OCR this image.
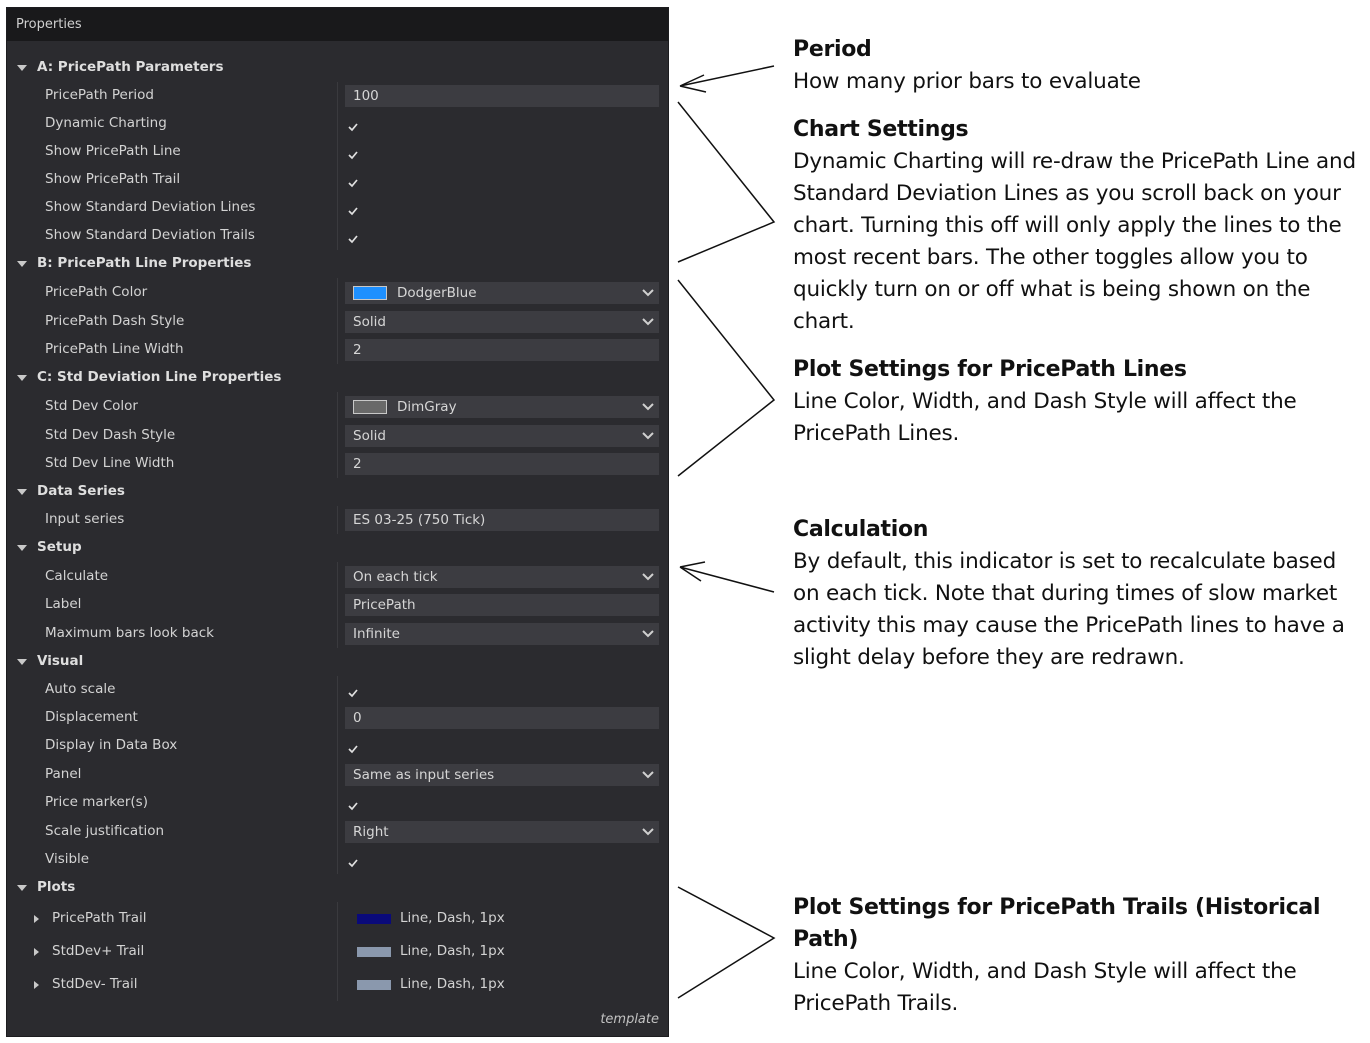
Properties
A: PricePath Parameters
PricePath Period	100
Dynamic Charting
Show PricePath Line
Show PricePath Trail
Show Standard Deviation Lines
Show Standard Deviation Trails
B: PricePath Line Properties
PricePath Color	DodgerBlue
PricePath Dash Style	Solid
PricePath Line Width	2
C: Std Deviation Line Properties
Std Dev Color	DimGray
Std Dev Dash Style	Solid
Std Dev Line Width	2
Data Series
Input series	ES 03-25 (750 Tick)
Setup
Calculate	On each tick
Label	PricePath
Maximum bars look back	Infinite
Visual
Auto scale
Displacement	0
Display in Data Box
Panel	Same as input series
Price marker(s)
Scale justification	Right
Visible
Plots
PricePath Trail	Line, Dash, 1px
StdDev+ Trail	Line, Dash, 1px
StdDev- Trail	Line, Dash, 1px
template
Period
How many prior bars to evaluate
Chart Settings
Dynamic Charting will re-draw the PricePath Line and Standard Deviation Lines as you scroll back on your chart. Turning this off will only apply the lines to the most recent bars. The other toggles allow you to quickly turn on or off what is being shown on the chart.
Plot Settings for PricePath Lines
Line Color, Width, and Dash Style will affect the PricePath Lines.
Calculation
By default, this indicator is set to recalculate based on each tick. Note that during times of slow market activity this may cause the PricePath lines to have a slight delay before they are redrawn.
Plot Settings for PricePath Trails (Historical Path)
Line Color, Width, and Dash Style will affect the PricePath Trails.
